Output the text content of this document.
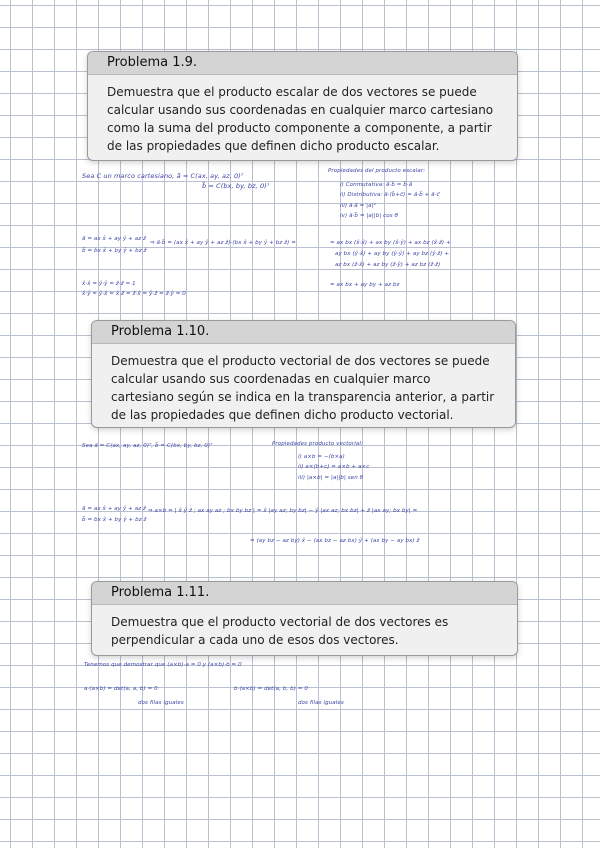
Problema 1.9.
Demuestra que el producto escalar de dos vectores se puede calcular usando sus coordenadas en cualquier marco cartesiano como la suma del producto componente a componente, a partir de las propiedades que definen dicho producto escalar.
Sea C un marco cartesiano, a⃗ = C(ax, ay, az, 0)ᵀ
b⃗ = C(bx, by, bz, 0)ᵀ
Propiedades del producto escalar:
i) Conmutativa: a⃗·b⃗ = b⃗·a⃗
ii) Distributiva: a⃗·(b⃗+c⃗) = a⃗·b⃗ + a⃗·c⃗
iii) a⃗·a⃗ = |a|²
iv) a⃗·b⃗ = |a||b| cos θ
a⃗ = ax x̂ + ay ŷ + az ẑ
b⃗ = bx x̂ + by ŷ + bz ẑ
⇒ a⃗·b⃗ = (ax x̂ + ay ŷ + az ẑ)·(bx x̂ + by ŷ + bz ẑ) =	= ax bx (x̂·x̂) + ax by (x̂·ŷ) + ax bz (x̂·ẑ) +
ay bx (ŷ·x̂) + ay by (ŷ·ŷ) + ay bz (ŷ·ẑ) +
az bx (ẑ·x̂) + az by (ẑ·ŷ) + az bz (ẑ·ẑ)
x̂·x̂ = ŷ·ŷ = ẑ·ẑ = 1
x̂·ŷ = ŷ·x̂ = x̂·ẑ = ẑ·x̂ = ŷ·ẑ = ẑ·ŷ = 0
= ax bx + ay by + az bz
Problema 1.10.
Demuestra que el producto vectorial de dos vectores se puede calcular usando sus coordenadas en cualquier marco cartesiano según se indica en la transparencia anterior, a partir de las propiedades que definen dicho producto vectorial.
Sea a⃗ = C(ax, ay, az, 0)ᵀ, b⃗ = C(bx, by, bz, 0)ᵀ	Propiedades producto vectorial:
i) a×b = −(b×a)
ii) a×(b+c) = a×b + a×c
iii) |a×b| = |a||b| sen θ
a⃗ = ax x̂ + ay ŷ + az ẑ
b⃗ = bx x̂ + by ŷ + bz ẑ
⇒ a×b = | x̂ ŷ ẑ ; ax ay az ; bx by bz | = x̂ |ay az; by bz| − ŷ |ax az; bx bz| + ẑ |ax ay; bx by| =
= (ay bz − az by) x̂ − (ax bz − az bx) ŷ + (ax by − ay bx) ẑ
Problema 1.11.
Demuestra que el producto vectorial de dos vectores es perpendicular a cada uno de esos dos vectores.
Tenemos que demostrar que (a×b)·a = 0 y (a×b)·b = 0
a·(a×b) = det(a, a, b) = 0
dos filas iguales
b·(a×b) = det(a, b, b) = 0
dos filas iguales
